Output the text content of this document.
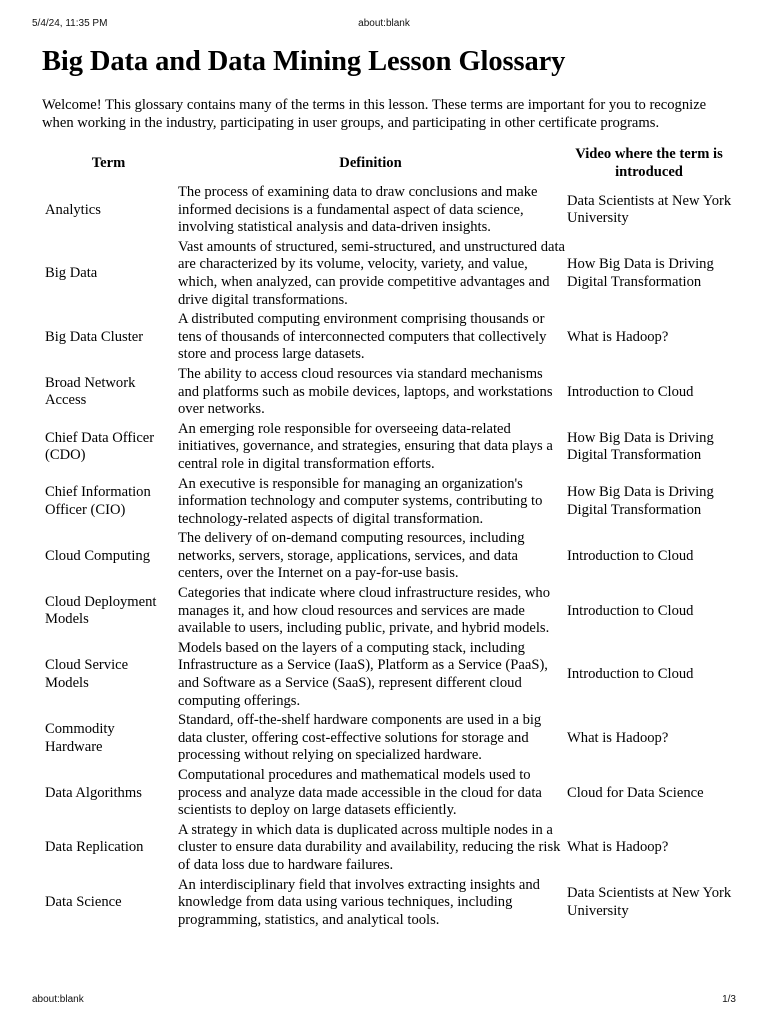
5/4/24, 11:35 PM	about:blank
Big Data and Data Mining Lesson Glossary

Welcome! This glossary contains many of the terms in this lesson. These terms are important for you to recognize when working in the industry, participating in user groups, and participating in other certificate programs.

Term	Definition	Video where the term is introduced
Analytics	The process of examining data to draw conclusions and make informed decisions is a fundamental aspect of data science, involving statistical analysis and data-driven insights.	Data Scientists at New York University
Big Data	Vast amounts of structured, semi-structured, and unstructured data are characterized by its volume, velocity, variety, and value, which, when analyzed, can provide competitive advantages and drive digital transformations.	How Big Data is Driving Digital Transformation
Big Data Cluster	A distributed computing environment comprising thousands or tens of thousands of interconnected computers that collectively store and process large datasets.	What is Hadoop?
Broad Network Access	The ability to access cloud resources via standard mechanisms and platforms such as mobile devices, laptops, and workstations over networks.	Introduction to Cloud
Chief Data Officer (CDO)	An emerging role responsible for overseeing data-related initiatives, governance, and strategies, ensuring that data plays a central role in digital transformation efforts.	How Big Data is Driving Digital Transformation
Chief Information Officer (CIO)	An executive is responsible for managing an organization's information technology and computer systems, contributing to technology-related aspects of digital transformation.	How Big Data is Driving Digital Transformation
Cloud Computing	The delivery of on-demand computing resources, including networks, servers, storage, applications, services, and data centers, over the Internet on a pay-for-use basis.	Introduction to Cloud
Cloud Deployment Models	Categories that indicate where cloud infrastructure resides, who manages it, and how cloud resources and services are made available to users, including public, private, and hybrid models.	Introduction to Cloud
Cloud Service Models	Models based on the layers of a computing stack, including Infrastructure as a Service (IaaS), Platform as a Service (PaaS), and Software as a Service (SaaS), represent different cloud computing offerings.	Introduction to Cloud
Commodity Hardware	Standard, off-the-shelf hardware components are used in a big data cluster, offering cost-effective solutions for storage and processing without relying on specialized hardware.	What is Hadoop?
Data Algorithms	Computational procedures and mathematical models used to process and analyze data made accessible in the cloud for data scientists to deploy on large datasets efficiently.	Cloud for Data Science
Data Replication	A strategy in which data is duplicated across multiple nodes in a cluster to ensure data durability and availability, reducing the risk of data loss due to hardware failures.	What is Hadoop?
Data Science	An interdisciplinary field that involves extracting insights and knowledge from data using various techniques, including programming, statistics, and analytical tools.	Data Scientists at New York University
about:blank	1/3
